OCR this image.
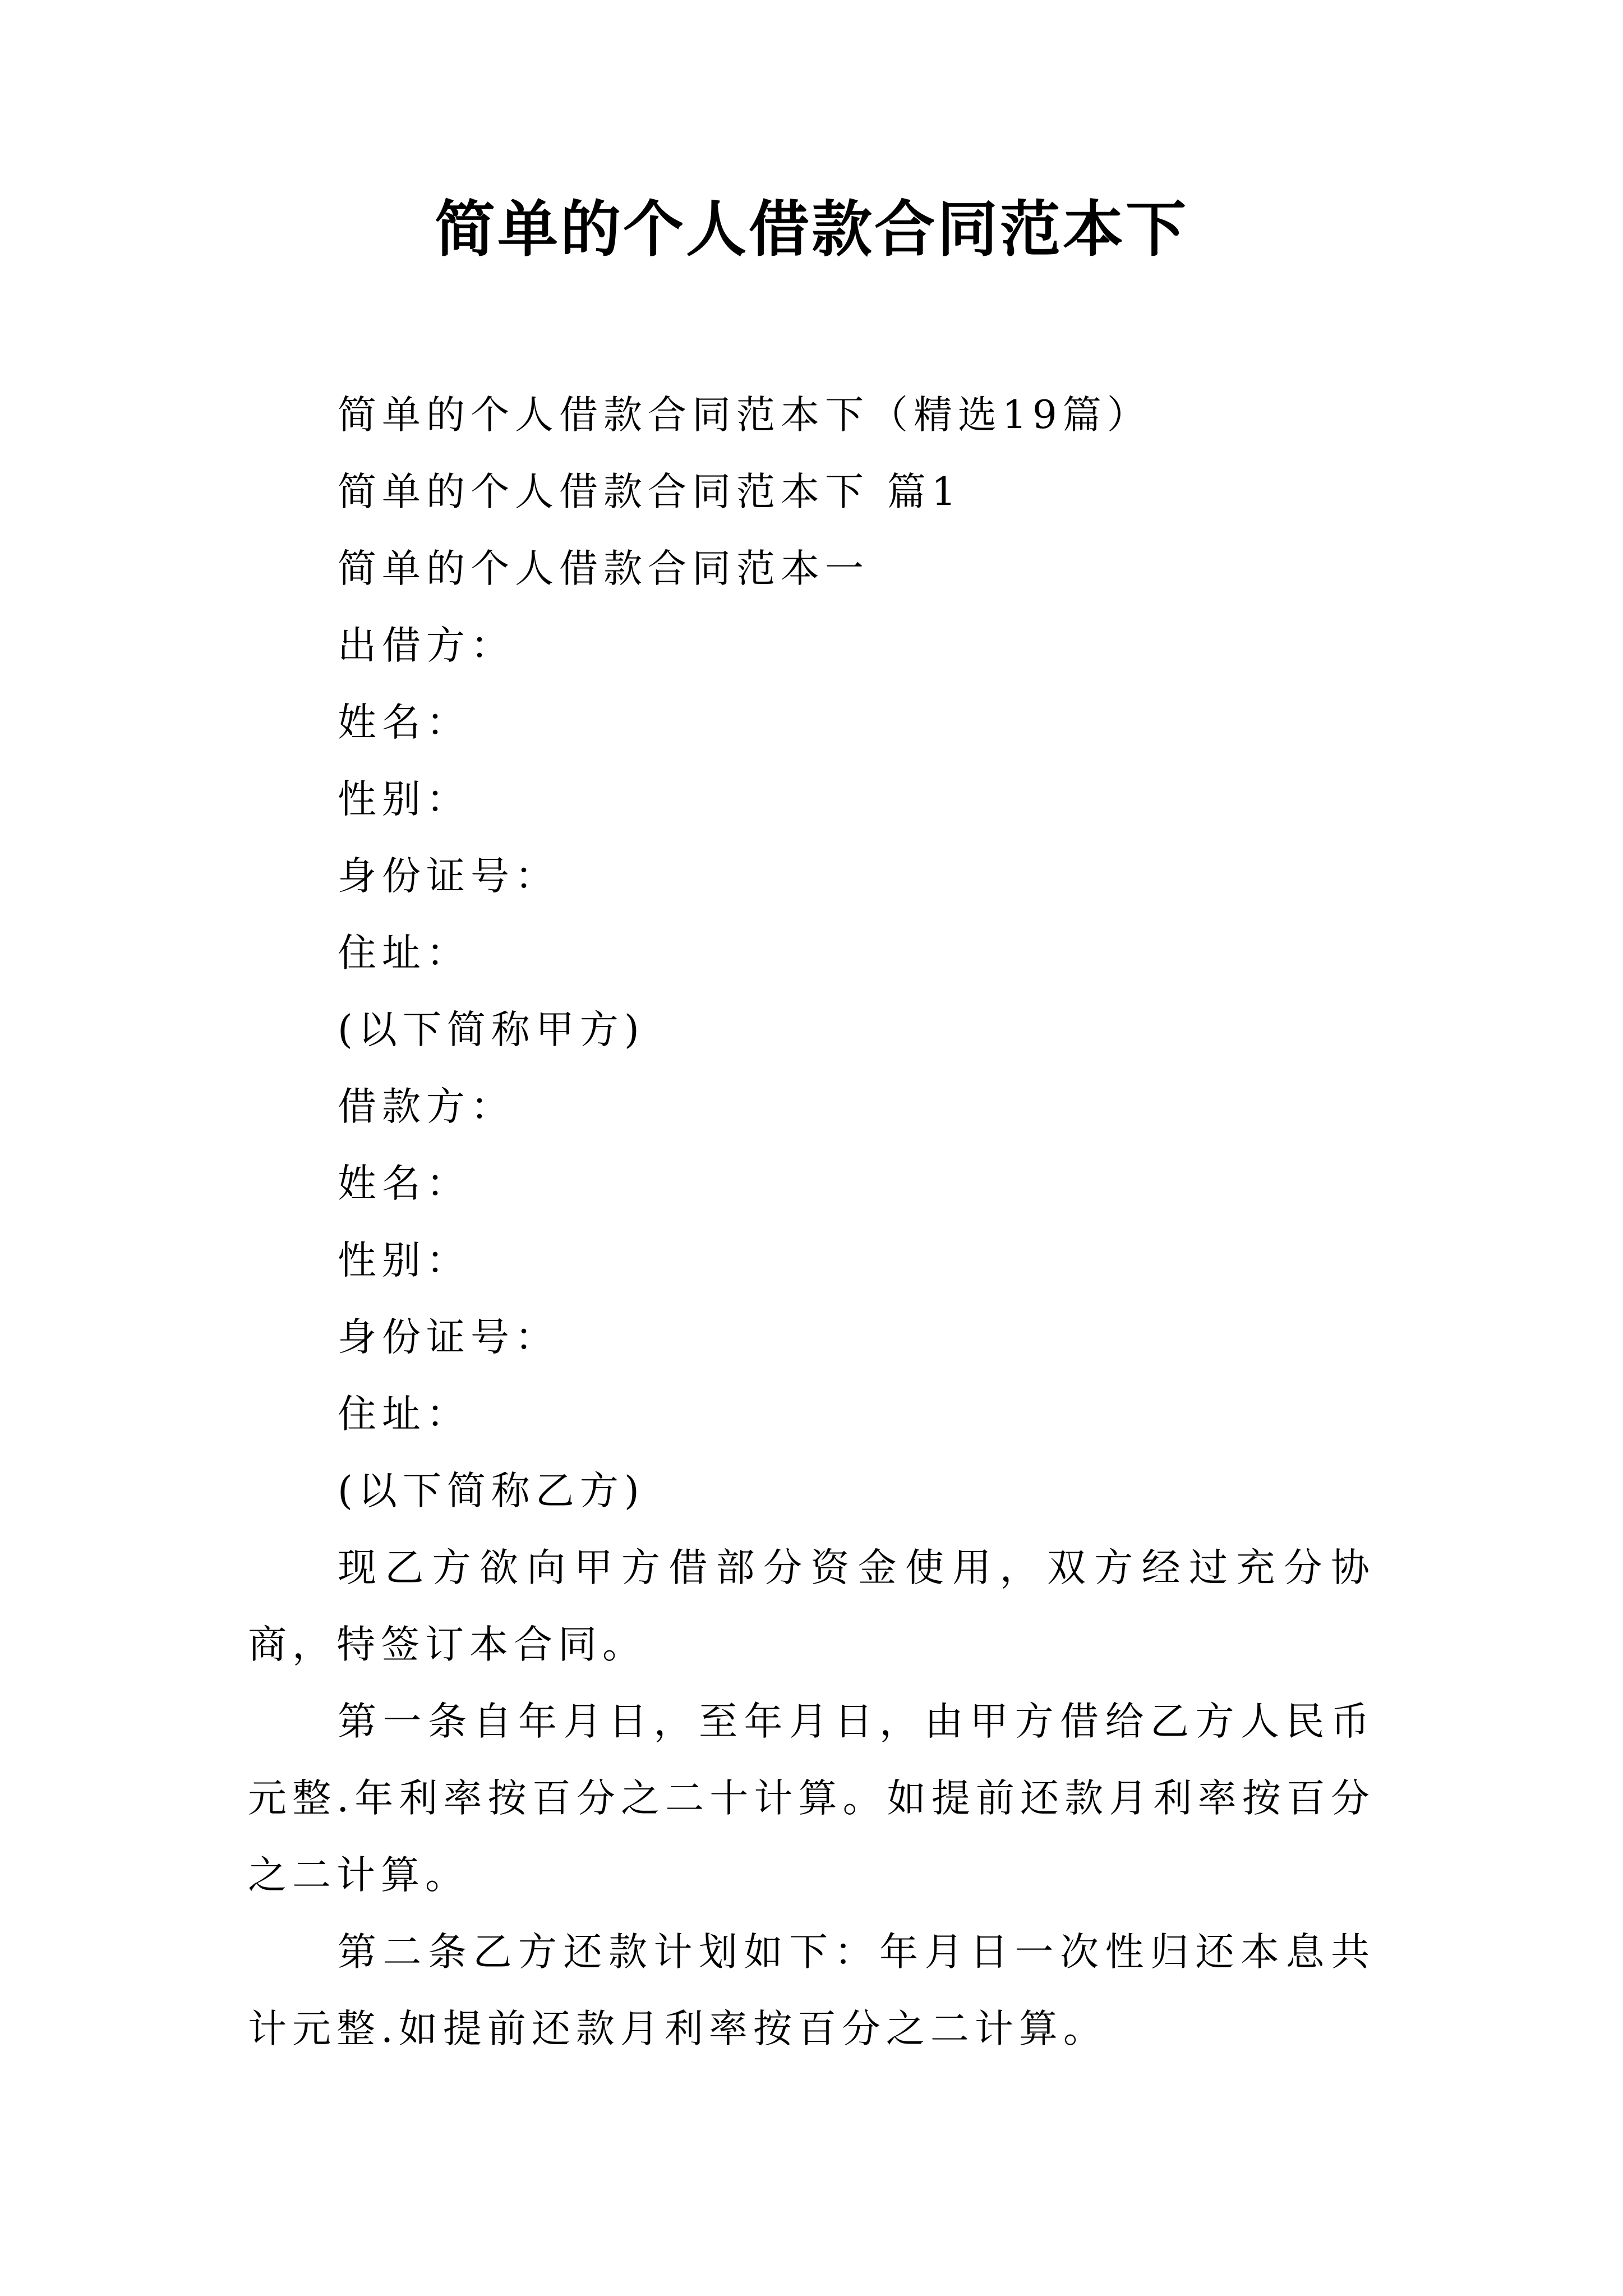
简单的个人借款合同范本下

简单的个人借款合同范本下（精选19篇）

简单的个人借款合同范本下 篇1

简单的个人借款合同范本一

出借方：

姓名：

性别：

身份证号：

住址：

(以下简称甲方)

借款方：

姓名：

性别：

身份证号：

住址：

(以下简称乙方)

现乙方欲向甲方借部分资金使用，双方经过充分协商，特签订本合同。

第一条自年月日，至年月日，由甲方借给乙方人民币元整.年利率按百分之二十计算。如提前还款月利率按百分之二计算。

第二条乙方还款计划如下：年月日一次性归还本息共计元整.如提前还款月利率按百分之二计算。
